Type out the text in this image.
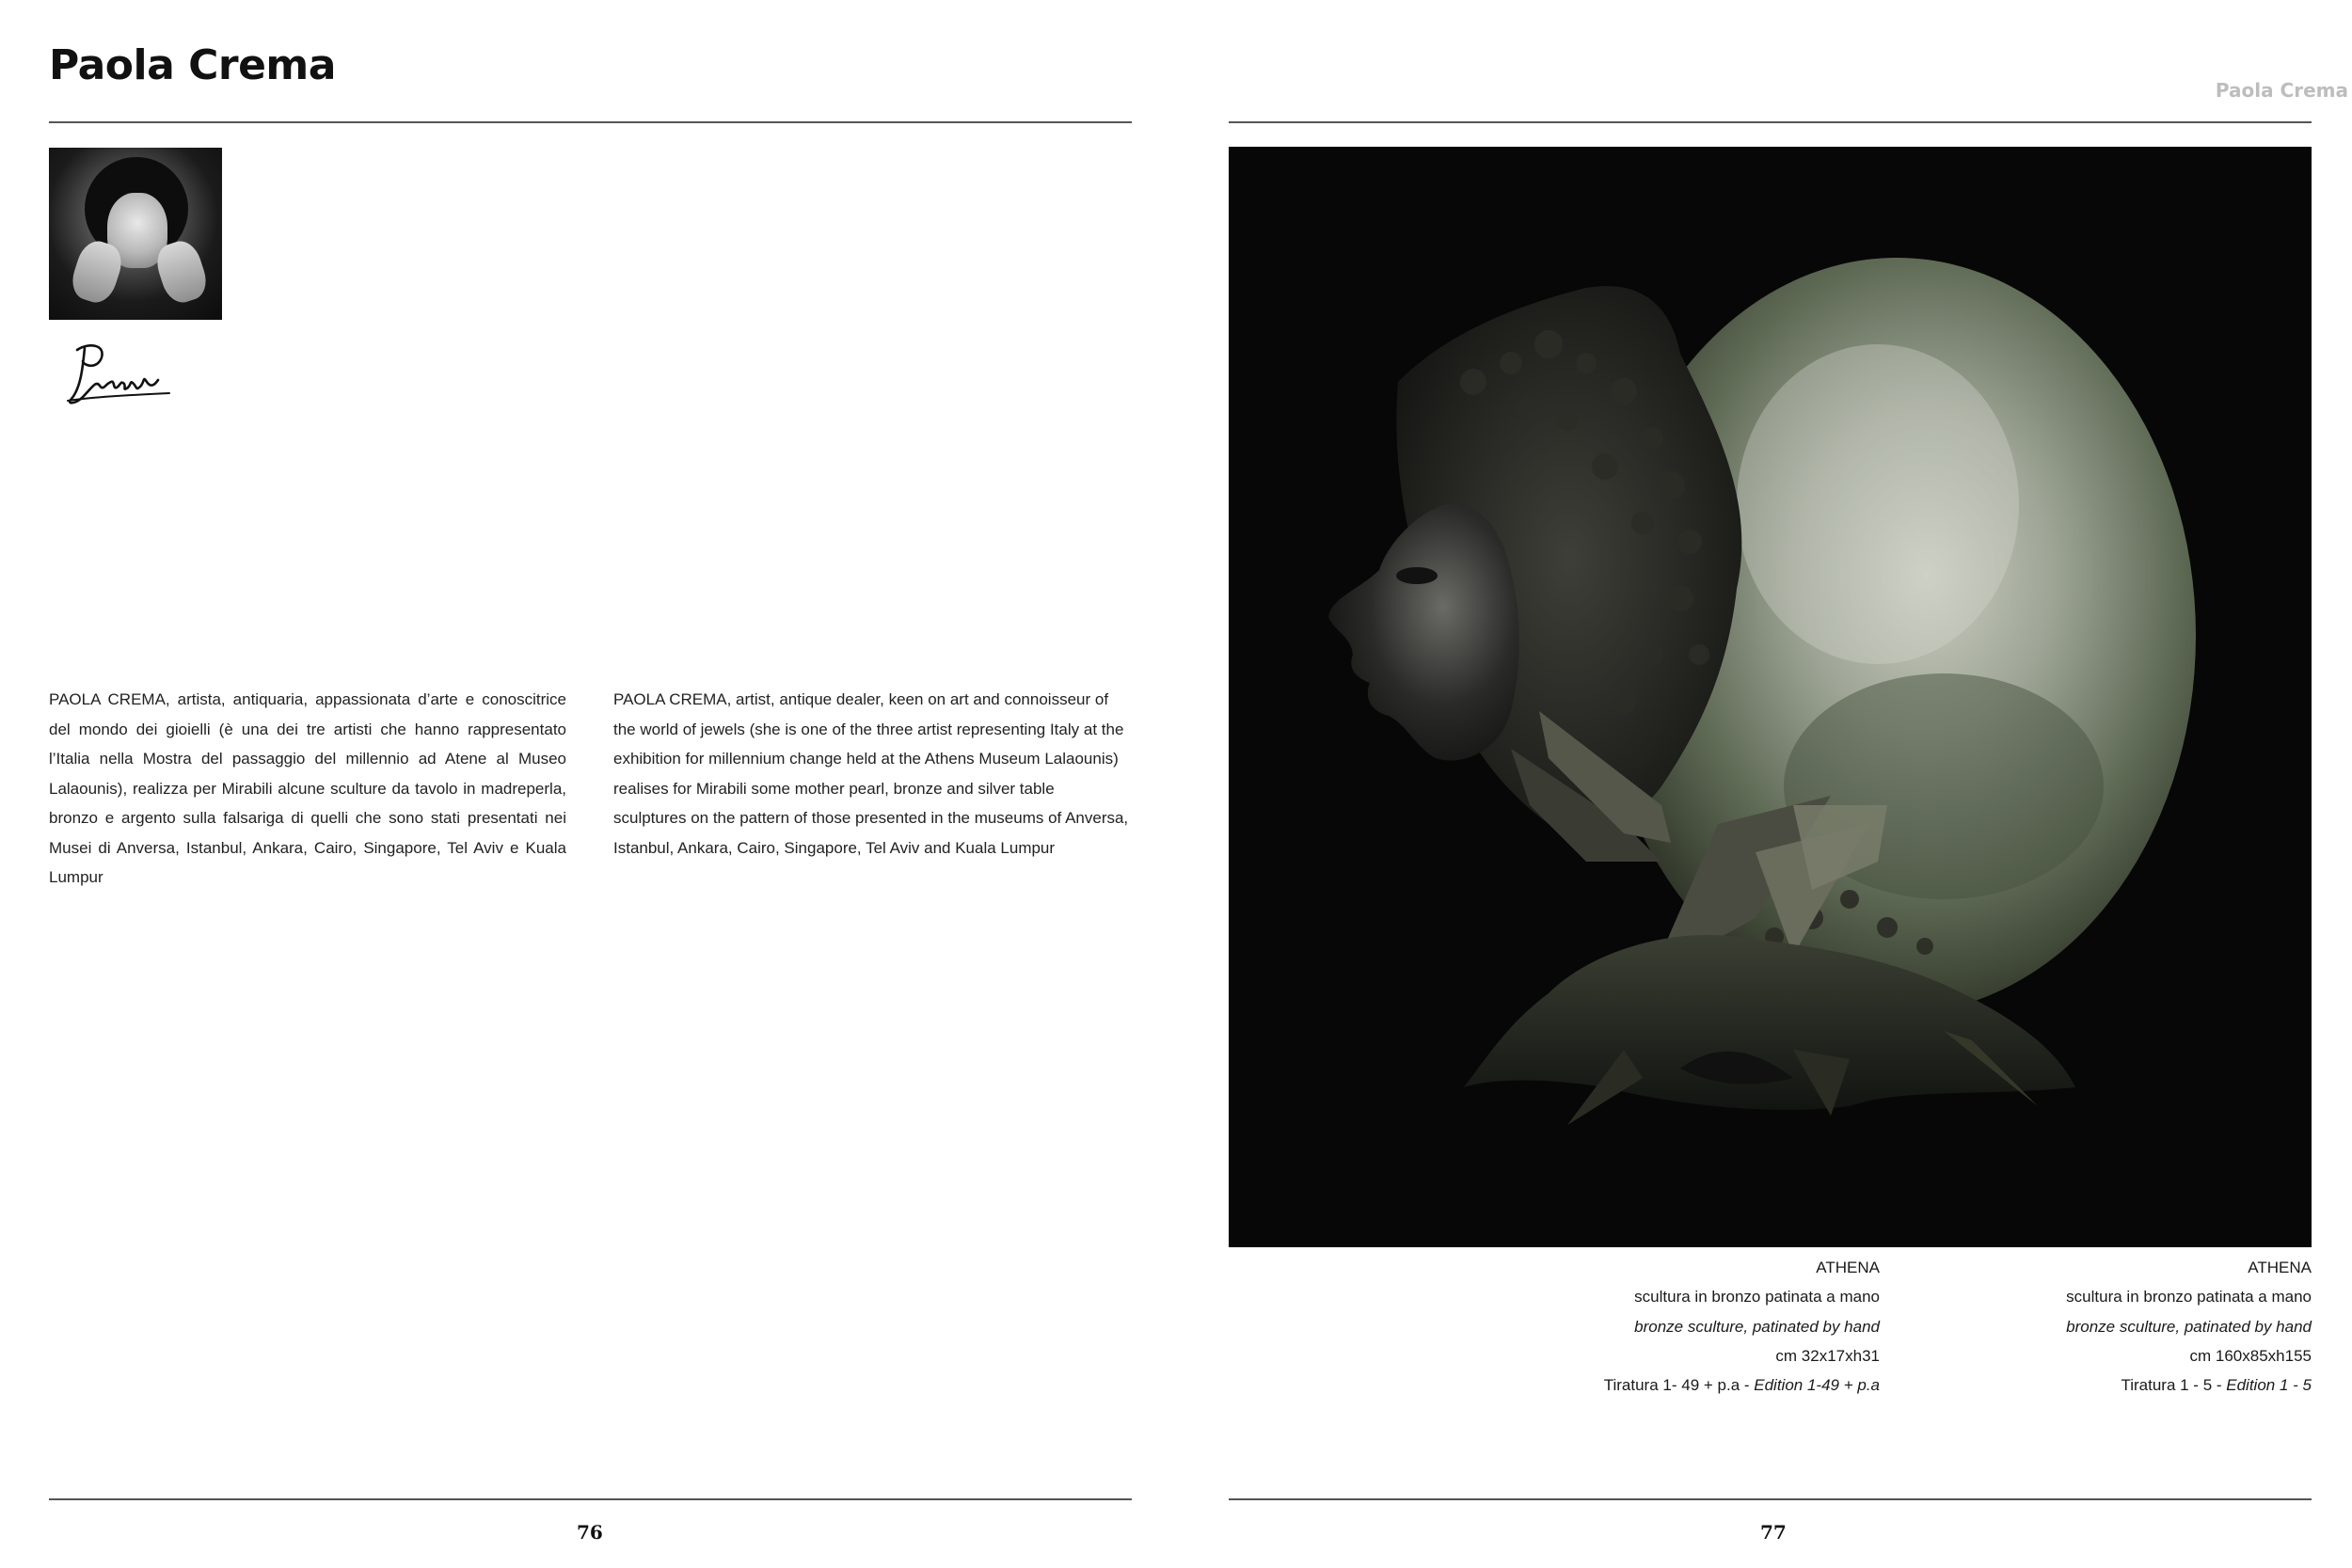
Paola Crema

PAOLA CREMA, artista, antiquaria, appassionata d’arte e conoscitrice del mondo dei gioielli (è una dei tre artisti che hanno rappresentato l’Italia nella Mostra del passaggio del millennio ad Atene al Museo Lalaounis), realizza per Mirabili alcune sculture da tavolo in madreperla, bronzo e argento sulla falsariga di quelli che sono stati presentati nei Musei di Anversa, Istanbul, Ankara, Cairo, Singapore, Tel Aviv e Kuala Lumpur

PAOLA CREMA, artist, antique dealer, keen on art and connoisseur of the world of jewels (she is one of the three artist representing Italy at the exhibition for millennium change held at the Athens Museum Lalaounis) realises for Mirabili some mother pearl, bronze and silver table sculptures on the pattern of those presented in the museums of Anversa, Istanbul, Ankara, Cairo, Singapore, Tel Aviv and Kuala Lumpur

76
Paola Crema
ATHENA
scultura in bronzo patinata a mano
bronze sculture, patinated by hand
cm 32x17xh31
Tiratura 1- 49 + p.a - Edition 1-49 + p.a
ATHENA
scultura in bronzo patinata a mano
bronze sculture, patinated by hand
cm 160x85xh155
Tiratura 1 - 5 - Edition 1 - 5
77
